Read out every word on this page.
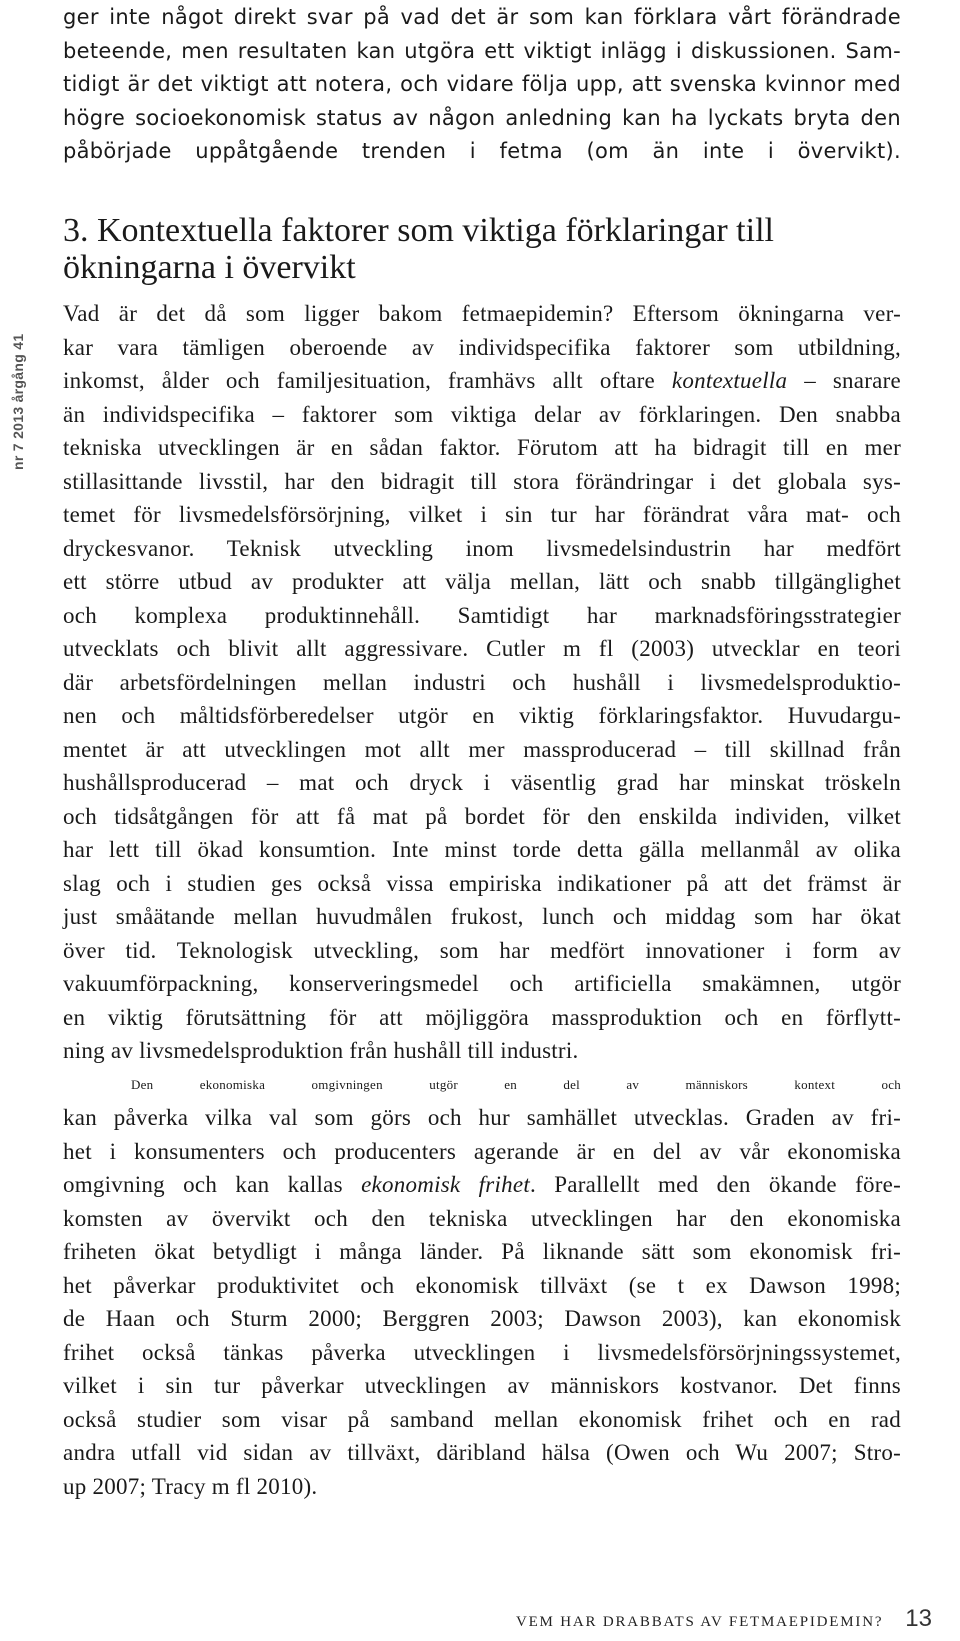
nr 7 2013 årgång 41

ger inte något direkt svar på vad det är som kan förklara vårt förändrade
beteende, men resultaten kan utgöra ett viktigt inlägg i diskussionen. Sam-
tidigt är det viktigt att notera, och vidare följa upp, att svenska kvinnor med
högre socioekonomisk status av någon anledning kan ha lyckats bryta den
påbörjade uppåtgående trenden i fetma (om än inte i övervikt).

3. Kontextuella faktorer som viktiga förklaringar till
ökningarna i övervikt

Vad är det då som ligger bakom fetmaepidemin? Eftersom ökningarna ver-
kar vara tämligen oberoende av individspecifika faktorer som utbildning,
inkomst, ålder och familjesituation, framhävs allt oftare kontextuella – snarare
än individspecifika – faktorer som viktiga delar av förklaringen. Den snabba
tekniska utvecklingen är en sådan faktor. Förutom att ha bidragit till en mer
stillasittande livsstil, har den bidragit till stora förändringar i det globala sys-
temet för livsmedelsförsörjning, vilket i sin tur har förändrat våra mat- och
dryckesvanor. Teknisk utveckling inom livsmedelsindustrin har medfört
ett större utbud av produkter att välja mellan, lätt och snabb tillgänglighet
och komplexa produktinnehåll. Samtidigt har marknadsföringsstrategier
utvecklats och blivit allt aggressivare. Cutler m fl (2003) utvecklar en teori
där arbetsfördelningen mellan industri och hushåll i livsmedelsproduktio-
nen och måltidsförberedelser utgör en viktig förklaringsfaktor. Huvudargu-
mentet är att utvecklingen mot allt mer massproducerad – till skillnad från
hushållsproducerad – mat och dryck i väsentlig grad har minskat tröskeln
och tidsåtgången för att få mat på bordet för den enskilda individen, vilket
har lett till ökad konsumtion. Inte minst torde detta gälla mellanmål av olika
slag och i studien ges också vissa empiriska indikationer på att det främst är
just småätande mellan huvudmålen frukost, lunch och middag som har ökat
över tid. Teknologisk utveckling, som har medfört innovationer i form av
vakuumförpackning, konserveringsmedel och artificiella smakämnen, utgör
en viktig förutsättning för att möjliggöra massproduktion och en förflytt-
ning av livsmedelsproduktion från hushåll till industri.

Den ekonomiska omgivningen utgör en del av människors kontext och
kan påverka vilka val som görs och hur samhället utvecklas. Graden av fri-
het i konsumenters och producenters agerande är en del av vår ekonomiska
omgivning och kan kallas ekonomisk frihet. Parallellt med den ökande före-
komsten av övervikt och den tekniska utvecklingen har den ekonomiska
friheten ökat betydligt i många länder. På liknande sätt som ekonomisk fri-
het påverkar produktivitet och ekonomisk tillväxt (se t ex Dawson 1998;
de Haan och Sturm 2000; Berggren 2003; Dawson 2003), kan ekonomisk
frihet också tänkas påverka utvecklingen i livsmedelsförsörjningssystemet,
vilket i sin tur påverkar utvecklingen av människors kostvanor. Det finns
också studier som visar på samband mellan ekonomisk frihet och en rad
andra utfall vid sidan av tillväxt, däribland hälsa (Owen och Wu 2007; Stro-
up 2007; Tracy m fl 2010).

VEM HAR DRABBATS AV FETMAEPIDEMIN? 13
